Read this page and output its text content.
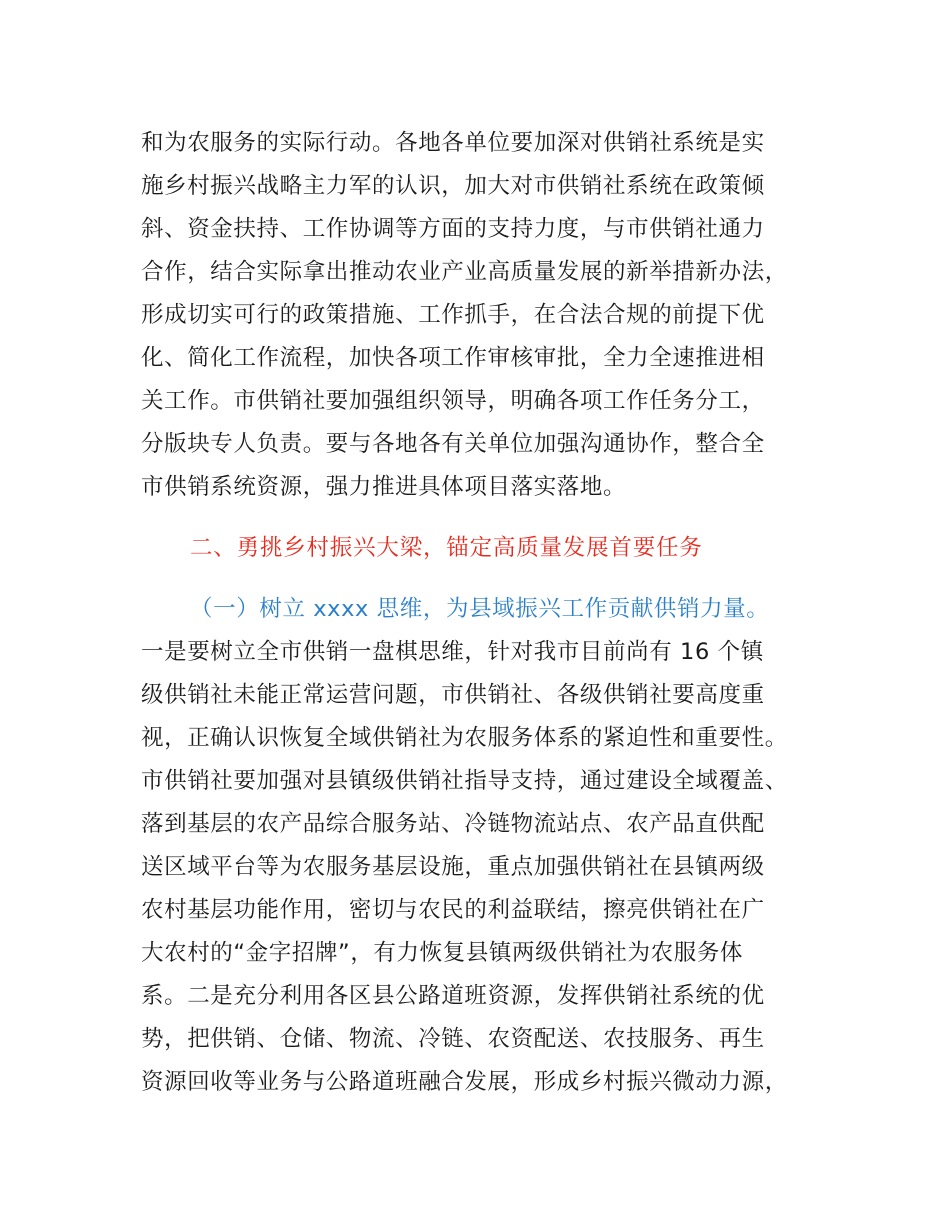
和为农服务的实际行动。各地各单位要加深对供销社系统是实
施乡村振兴战略主力军的认识，加大对市供销社系统在政策倾
斜、资金扶持、工作协调等方面的支持力度，与市供销社通力
合作，结合实际拿出推动农业产业高质量发展的新举措新办法，
形成切实可行的政策措施、工作抓手，在合法合规的前提下优
化、简化工作流程，加快各项工作审核审批，全力全速推进相
关工作。市供销社要加强组织领导，明确各项工作任务分工，
分版块专人负责。要与各地各有关单位加强沟通协作，整合全
市供销系统资源，强力推进具体项目落实落地。
二、勇挑乡村振兴大梁，锚定高质量发展首要任务
（一）树立 xxxx 思维，为县域振兴工作贡献供销力量。
一是要树立全市供销一盘棋思维，针对我市目前尚有 16 个镇
级供销社未能正常运营问题，市供销社、各级供销社要高度重
视，正确认识恢复全域供销社为农服务体系的紧迫性和重要性。
市供销社要加强对县镇级供销社指导支持，通过建设全域覆盖、
落到基层的农产品综合服务站、冷链物流站点、农产品直供配
送区域平台等为农服务基层设施，重点加强供销社在县镇两级
农村基层功能作用，密切与农民的利益联结，擦亮供销社在广
大农村的“金字招牌”，有力恢复县镇两级供销社为农服务体
系。二是充分利用各区县公路道班资源，发挥供销社系统的优
势，把供销、仓储、物流、冷链、农资配送、农技服务、再生
资源回收等业务与公路道班融合发展，形成乡村振兴微动力源，
